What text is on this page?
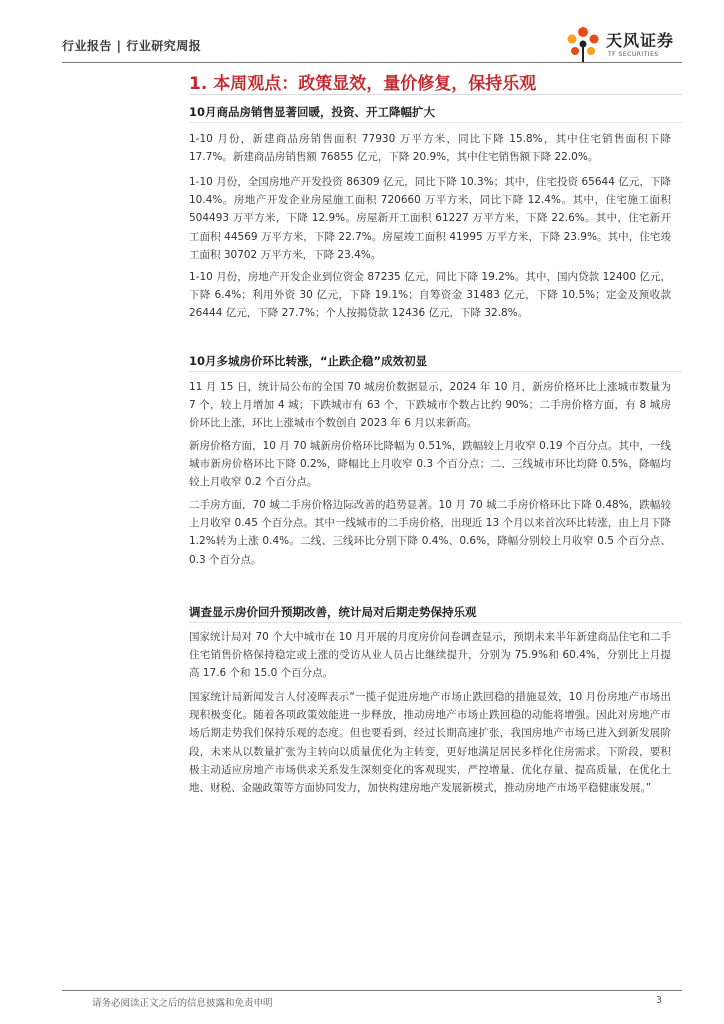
行业报告 | 行业研究周报	天风证券
TF SECURITIES
1. 本周观点：政策显效，量价修复，保持乐观
10月商品房销售显著回暖，投资、开工降幅扩大

1-10 月份，新建商品房销售面积 77930 万平方米，同比下降 15.8%，其中住宅销售面积下降 17.7%。新建商品房销售额 76855 亿元，下降 20.9%，其中住宅销售额下降 22.0%。

1-10 月份，全国房地产开发投资 86309 亿元，同比下降 10.3%；其中，住宅投资 65644 亿元，下降 10.4%。房地产开发企业房屋施工面积 720660 万平方米，同比下降 12.4%。其中，住宅施工面积 504493 万平方米，下降 12.9%。房屋新开工面积 61227 万平方米，下降 22.6%。其中，住宅新开工面积 44569 万平方米，下降 22.7%。房屋竣工面积 41995 万平方米，下降 23.9%。其中，住宅竣工面积 30702 万平方米，下降 23.4%。

1-10 月份，房地产开发企业到位资金 87235 亿元，同比下降 19.2%。其中，国内贷款 12400 亿元，下降 6.4%；利用外资 30 亿元，下降 19.1%；自筹资金 31483 亿元，下降 10.5%；定金及预收款 26444 亿元，下降 27.7%；个人按揭贷款 12436 亿元，下降 32.8%。

10月多城房价环比转涨，“止跌企稳”成效初显

11 月 15 日，统计局公布的全国 70 城房价数据显示，2024 年 10 月，新房价格环比上涨城市数量为 7 个，较上月增加 4 城；下跌城市有 63 个，下跌城市个数占比约 90%；二手房价格方面，有 8 城房价环比上涨，环比上涨城市个数创自 2023 年 6 月以来新高。

新房价格方面，10 月 70 城新房价格环比降幅为 0.51%，跌幅较上月收窄 0.19 个百分点。其中，一线城市新房价格环比下降 0.2%，降幅比上月收窄 0.3 个百分点；二、三线城市环比均降 0.5%，降幅均较上月收窄 0.2 个百分点。

二手房方面，70 城二手房价格边际改善的趋势显著。10 月 70 城二手房价格环比下降 0.48%，跌幅较上月收窄 0.45 个百分点。其中一线城市的二手房价格，出现近 13 个月以来首次环比转涨，由上月下降 1.2%转为上涨 0.4%。二线、三线环比分别下降 0.4%、0.6%，降幅分别较上月收窄 0.5 个百分点、0.3 个百分点。

调查显示房价回升预期改善，统计局对后期走势保持乐观

国家统计局对 70 个大中城市在 10 月开展的月度房价问卷调查显示，预期未来半年新建商品住宅和二手住宅销售价格保持稳定或上涨的受访从业人员占比继续提升，分别为 75.9%和 60.4%，分别比上月提高 17.6 个和 15.0 个百分点。

国家统计局新闻发言人付凌晖表示“一揽子促进房地产市场止跌回稳的措施显效，10 月份房地产市场出现积极变化。随着各项政策效能进一步释放，推动房地产市场止跌回稳的动能将增强。因此对房地产市场后期走势我们保持乐观的态度。但也要看到，经过长期高速扩张，我国房地产市场已进入到新发展阶段，未来从以数量扩张为主转向以质量优化为主转变，更好地满足居民多样化住房需求。下阶段，要积极主动适应房地产市场供求关系发生深刻变化的客观现实，严控增量、优化存量、提高质量，在优化土地、财税、金融政策等方面协同发力，加快构建房地产发展新模式，推动房地产市场平稳健康发展。”

请务必阅读正文之后的信息披露和免责申明	3
